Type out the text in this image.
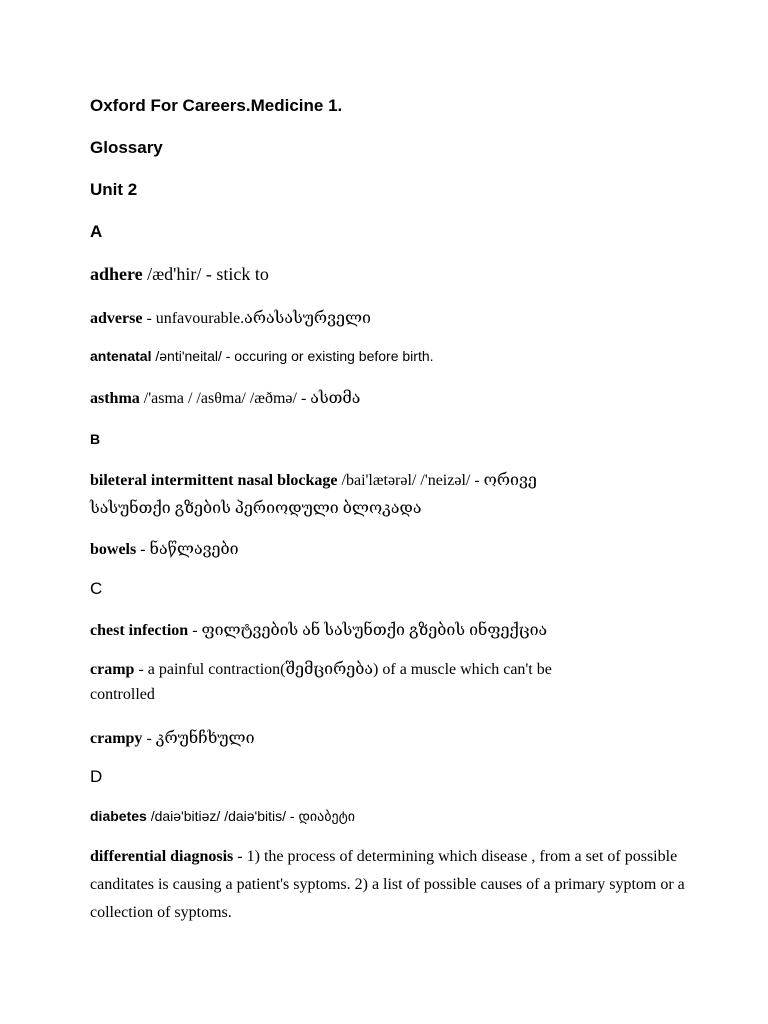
Oxford For Careers.Medicine 1.
Glossary
Unit 2
A
adhere /æd'hir/ - stick to
adverse - unfavourable.არასასურველი
antenatal /ənti'neital/ - occuring or existing before birth.
asthma /'asma / /asθma/ /æðmə/ - ასთმა
B
bileteral intermittent nasal blockage /bai'lætərəl/ /'neizəl/ - ორივე
სასუნთქი გზების პერიოდული ბლოკადა
bowels - ნაწლავები
C
chest infection - ფილტვების ან სასუნთქი გზების ინფექცია
cramp - a painful contraction(შემცირება) of a muscle which can't be
controlled
crampy - კრუნჩხული
D
diabetes /daiə'bitiəz/ /daiə'bitis/ - დიაბეტი
differential diagnosis - 1) the process of determining which disease , from a set of possible canditates is causing a patient's syptoms. 2) a list of possible causes of a primary syptom or a collection of syptoms.
